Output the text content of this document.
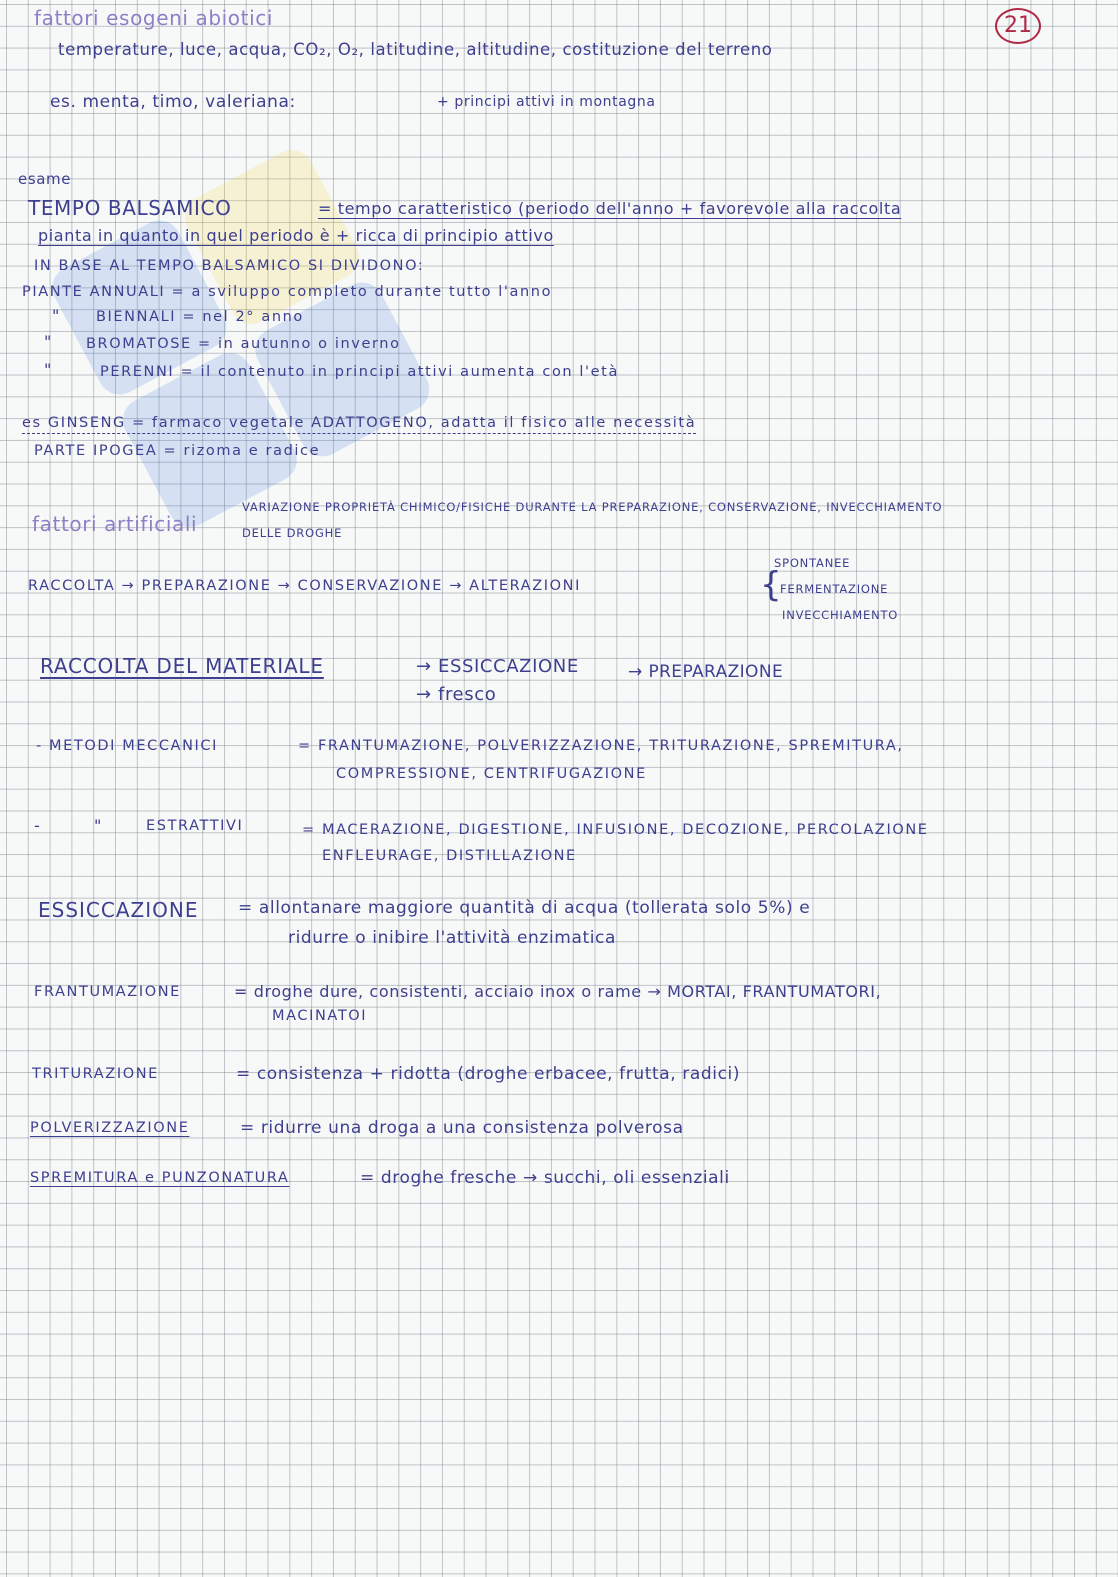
21
fattori esogeni abiotici
temperature, luce, acqua, CO₂, O₂, latitudine, altitudine, costituzione del terreno
es. menta, timo, valeriana:	+ principi attivi in montagna
esame
TEMPO BALSAMICO	= tempo caratteristico (periodo dell'anno + favorevole alla raccolta
pianta in quanto in quel periodo è + ricca di principio attivo
IN BASE AL TEMPO BALSAMICO SI DIVIDONO:
PIANTE ANNUALI = a sviluppo completo durante tutto l'anno
"	BIENNALI = nel 2° anno
" BROMATOSE = in autunno o inverno
"	PERENNI = il contenuto in principi attivi aumenta con l'età
es GINSENG = farmaco vegetale ADATTOGENO, adatta il fisico alle necessità
PARTE IPOGEA = rizoma e radice
VARIAZIONE PROPRIETÀ CHIMICO/FISICHE DURANTE LA PREPARAZIONE, CONSERVAZIONE, INVECCHIAMENTO
fattori artificiali	DELLE DROGHE
SPONTANEE
{
RACCOLTA → PREPARAZIONE → CONSERVAZIONE → ALTERAZIONI	FERMENTAZIONE
INVECCHIAMENTO
RACCOLTA DEL MATERIALE	→ ESSICCAZIONE
→ fresco
→ PREPARAZIONE
- METODI MECCANICI	= FRANTUMAZIONE, POLVERIZZAZIONE, TRITURAZIONE, SPREMITURA,
COMPRESSIONE, CENTRIFUGAZIONE
-	"	ESTRATTIVI	= MACERAZIONE, DIGESTIONE, INFUSIONE, DECOZIONE, PERCOLAZIONE
ENFLEURAGE, DISTILLAZIONE
ESSICCAZIONE = allontanare maggiore quantità di acqua (tollerata solo 5%) e
ridurre o inibire l'attività enzimatica
FRANTUMAZIONE	= droghe dure, consistenti, acciaio inox o rame → MORTAI, FRANTUMATORI,
MACINATOI
TRITURAZIONE	= consistenza + ridotta (droghe erbacee, frutta, radici)
POLVERIZZAZIONE	= ridurre una droga a una consistenza polverosa
SPREMITURA e PUNZONATURA	= droghe fresche → succhi, oli essenziali
